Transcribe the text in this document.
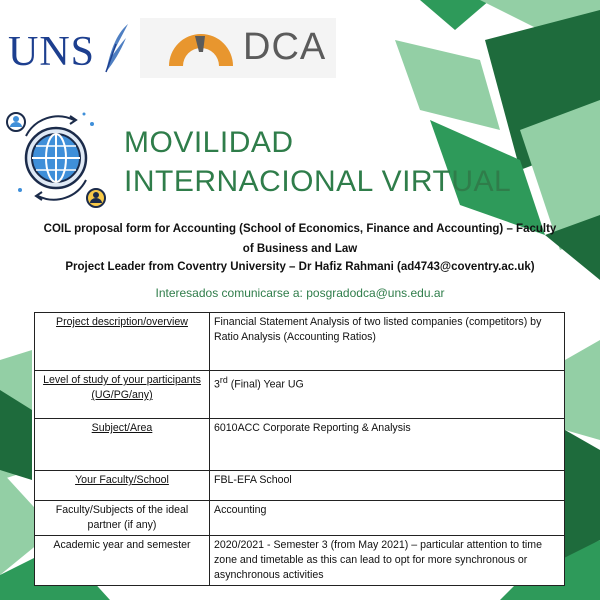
UNS	DCA
MOVILIDAD
INTERNACIONAL VIRTUAL
COIL proposal form for Accounting (School of Economics, Finance and Accounting) – Faculty of Business and Law
Project Leader from Coventry University – Dr Hafiz Rahmani (ad4743@coventry.ac.uk)
Interesados comunicarse a: posgradodca@uns.edu.ar
Project description/overview	Financial Statement Analysis of two listed companies (competitors) by Ratio Analysis (Accounting Ratios)
Level of study of your participants (UG/PG/any)	3rd (Final) Year UG
Subject/Area	6010ACC Corporate Reporting & Analysis
Your Faculty/School	FBL-EFA School
Faculty/Subjects of the ideal partner (if any)	Accounting
Academic year and semester	2020/2021 - Semester 3 (from May 2021) – particular attention to time zone and timetable as this can lead to opt for more synchronous or asynchronous activities
